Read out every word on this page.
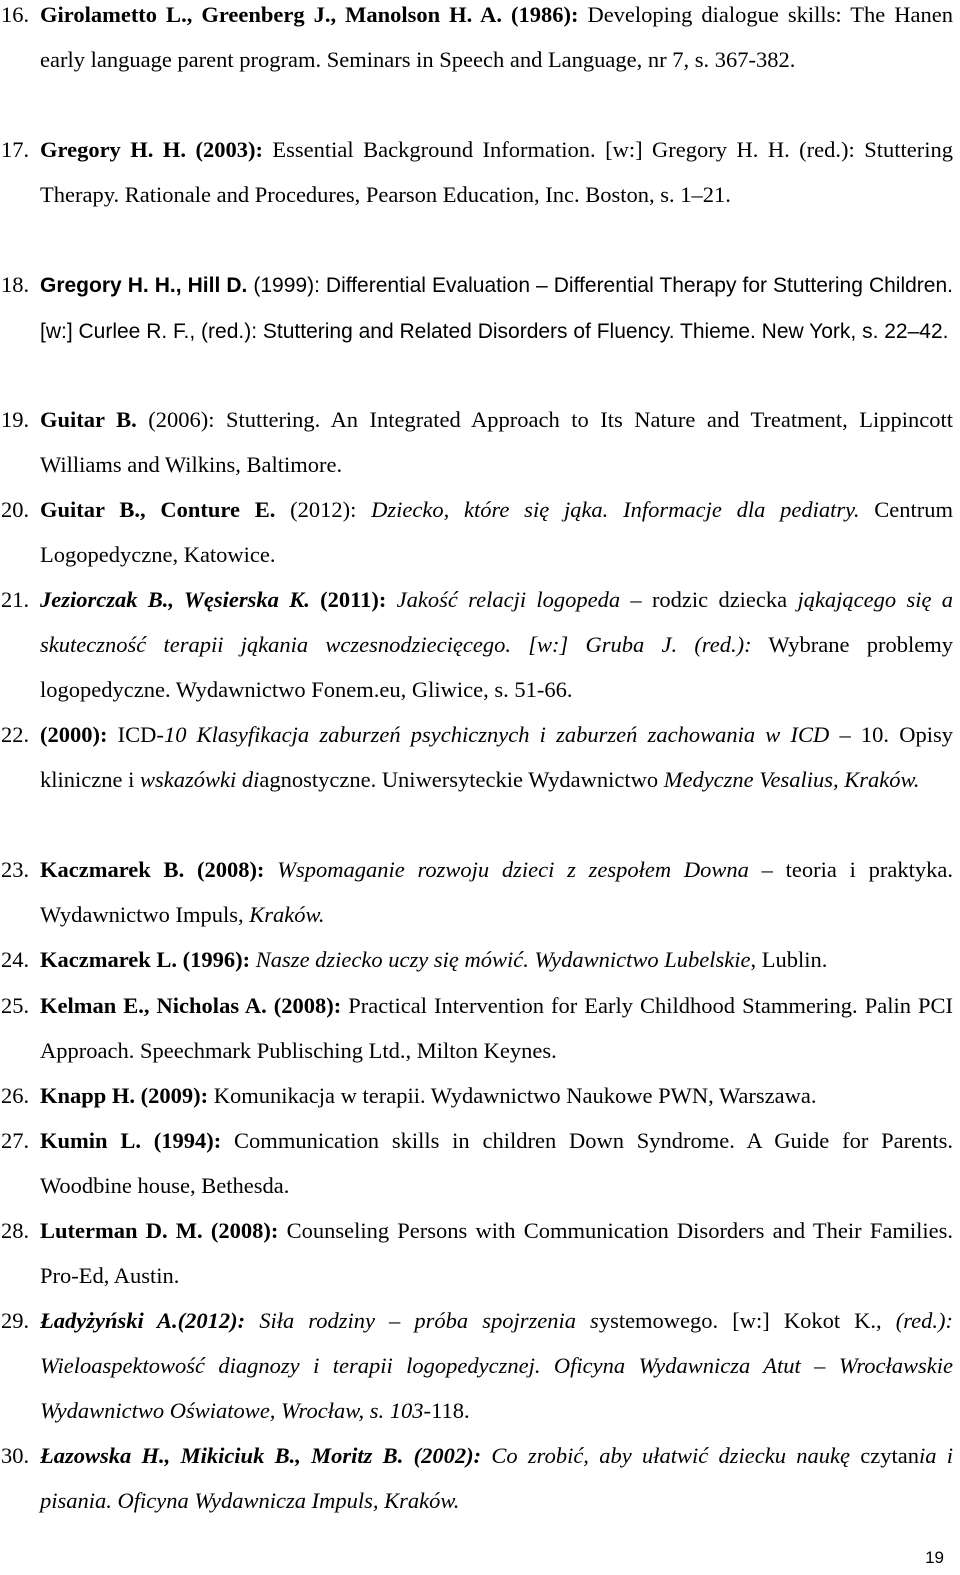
16. Girolametto L., Greenberg J., Manolson H. A. (1986): Developing dialogue skills: The Hanen early language parent program. Seminars in Speech and Language, nr 7, s. 367-382.
17. Gregory H. H. (2003): Essential Background Information. [w:] Gregory H. H. (red.): Stuttering Therapy. Rationale and Procedures, Pearson Education, Inc. Boston, s. 1–21.
18. Gregory H. H., Hill D. (1999): Differential Evaluation – Differential Therapy for Stuttering Children. [w:] Curlee R. F., (red.): Stuttering and Related Disorders of Fluency. Thieme. New York, s. 22–42.
19. Guitar B. (2006): Stuttering. An Integrated Approach to Its Nature and Treatment, Lippincott Williams and Wilkins, Baltimore.
20. Guitar B., Conture E. (2012): Dziecko, które się jąka. Informacje dla pediatry. Centrum Logopedyczne, Katowice.
21. Jeziorczak B., Węsierska K. (2011): Jakość relacji logopeda – rodzic dziecka jąkającego się a skuteczność terapii jąkania wczesnodziecięcego. [w:] Gruba J. (red.): Wybrane problemy logopedyczne. Wydawnictwo Fonem.eu, Gliwice, s. 51-66.
22. (2000): ICD-10 Klasyfikacja zaburzeń psychicznych i zaburzeń zachowania w ICD – 10. Opisy kliniczne i wskazówki diagnostyczne. Uniwersyteckie Wydawnictwo Medyczne Vesalius, Kraków.
23. Kaczmarek B. (2008): Wspomaganie rozwoju dzieci z zespołem Downa – teoria i praktyka. Wydawnictwo Impuls, Kraków.
24. Kaczmarek L. (1996): Nasze dziecko uczy się mówić. Wydawnictwo Lubelskie, Lublin.
25. Kelman E., Nicholas A. (2008): Practical Intervention for Early Childhood Stammering. Palin PCI Approach. Speechmark Publisching Ltd., Milton Keynes.
26. Knapp H. (2009): Komunikacja w terapii. Wydawnictwo Naukowe PWN, Warszawa.
27. Kumin L. (1994): Communication skills in children Down Syndrome. A Guide for Parents. Woodbine house, Bethesda.
28. Luterman D. M. (2008): Counseling Persons with Communication Disorders and Their Families. Pro-Ed, Austin.
29. Ładyżyński A.(2012): Siła rodziny – próba spojrzenia systemowego. [w:] Kokot K., (red.): Wieloaspektowość diagnozy i terapii logopedycznej. Oficyna Wydawnicza Atut – Wrocławskie Wydawnictwo Oświatowe, Wrocław, s. 103-118.
30. Łazowska H., Mikiciuk B., Moritz B. (2002): Co zrobić, aby ułatwić dziecku naukę czytania i pisania. Oficyna Wydawnicza Impuls, Kraków.
19
